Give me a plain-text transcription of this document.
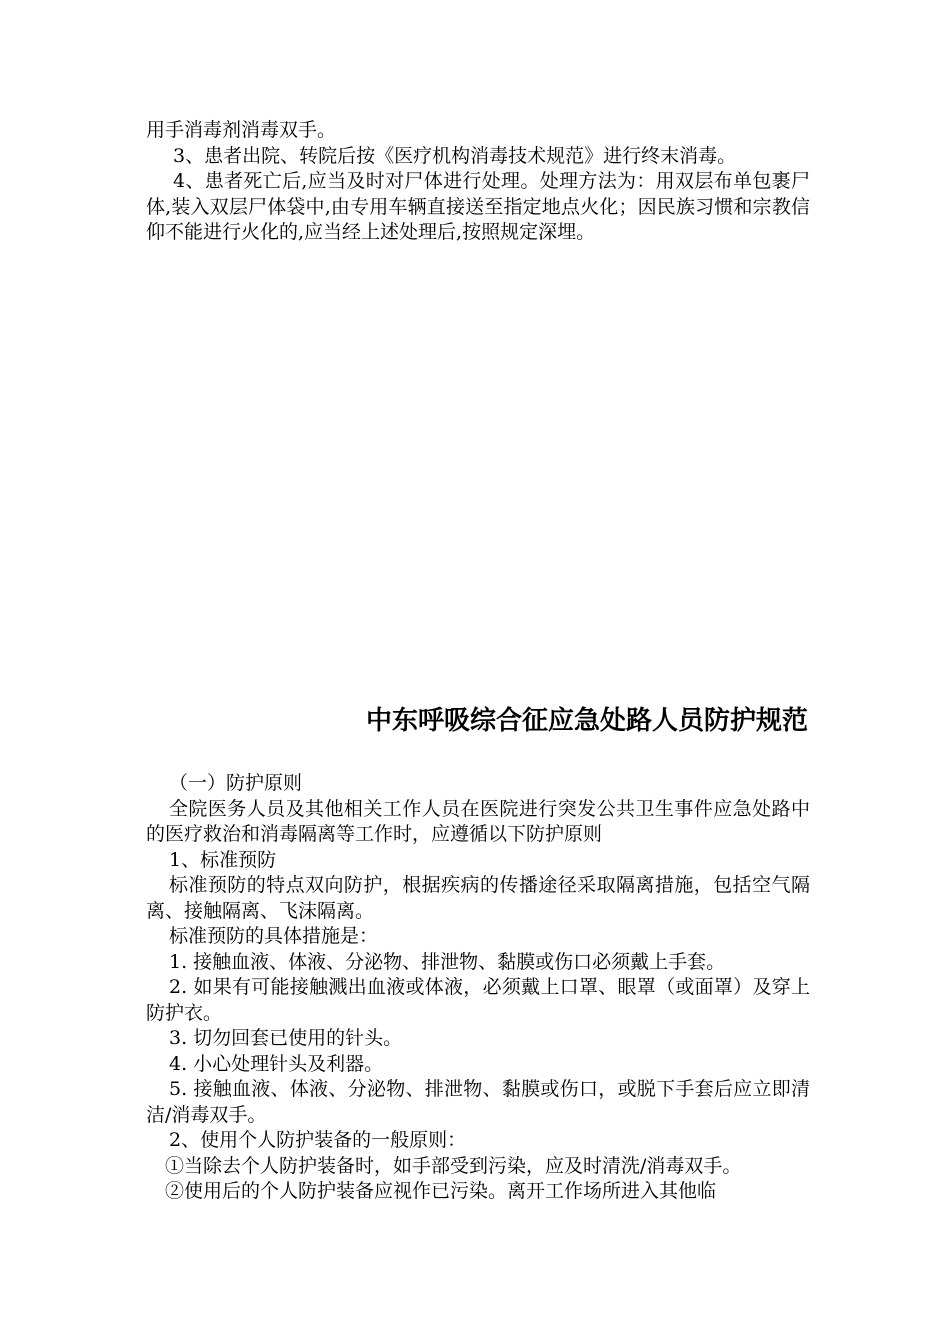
用手消毒剂消毒双手。

3、患者出院、转院后按《医疗机构消毒技术规范》进行终末消毒。

4、患者死亡后,应当及时对尸体进行处理。处理方法为：用双层布单包裹尸体,装入双层尸体袋中,由专用车辆直接送至指定地点火化；因民族习惯和宗教信仰不能进行火化的,应当经上述处理后,按照规定深埋。

中东呼吸综合征应急处路人员防护规范

（一）防护原则

全院医务人员及其他相关工作人员在医院进行突发公共卫生事件应急处路中的医疗救治和消毒隔离等工作时，应遵循以下防护原则

1、标准预防

标准预防的特点双向防护，根据疾病的传播途径采取隔离措施，包括空气隔离、接触隔离、飞沫隔离。

标准预防的具体措施是：

1. 接触血液、体液、分泌物、排泄物、黏膜或伤口必须戴上手套。

2. 如果有可能接触溅出血液或体液，必须戴上口罩、眼罩（或面罩）及穿上防护衣。

3. 切勿回套已使用的针头。

4. 小心处理针头及利器。

5. 接触血液、体液、分泌物、排泄物、黏膜或伤口，或脱下手套后应立即清洁/消毒双手。

2、使用个人防护装备的一般原则：

①当除去个人防护装备时，如手部受到污染，应及时清洗/消毒双手。

②使用后的个人防护装备应视作已污染。离开工作场所进入其他临
